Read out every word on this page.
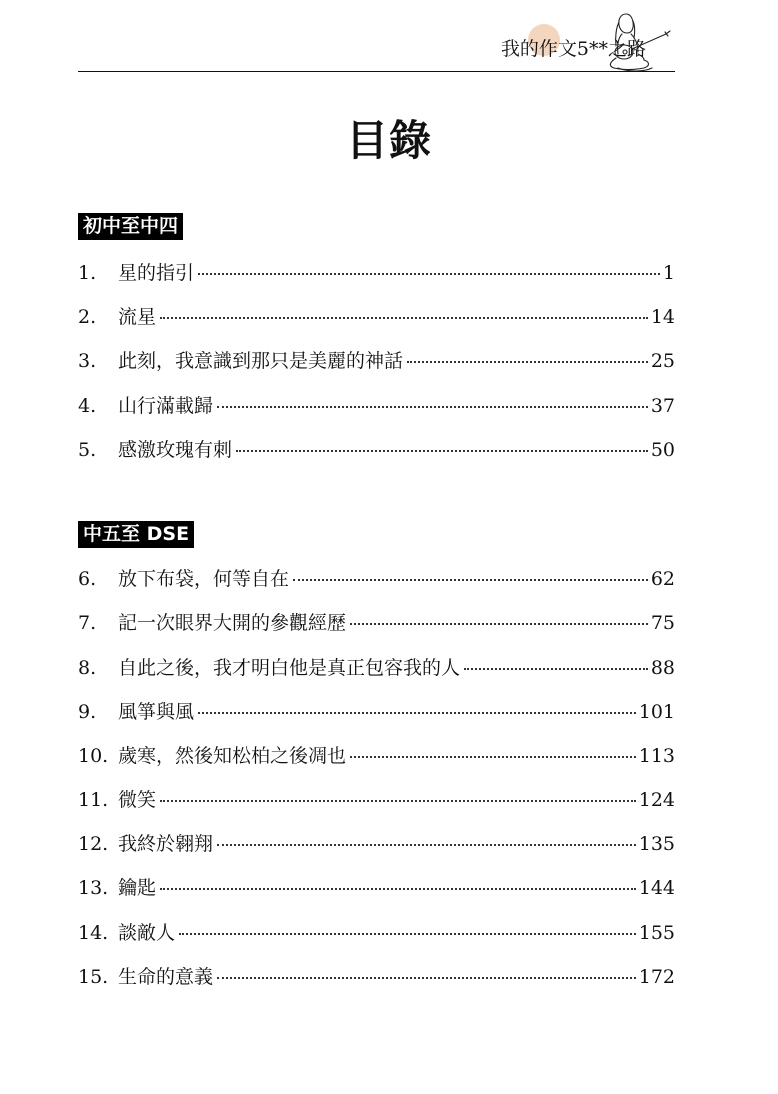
我的作文5**之路
目錄
初中至中四
1.	星的指引	1
2.	流星	14
3.	此刻，我意識到那只是美麗的神話	25
4.	山行滿載歸	37
5.	感激玫瑰有刺	50
中五至 DSE
6.	放下布袋，何等自在	62
7.	記一次眼界大開的參觀經歷	75
8.	自此之後，我才明白他是真正包容我的人	88
9.	風箏與風	101
10. 歲寒，然後知松柏之後凋也	113
11. 微笑	124
12. 我終於翱翔	135
13. 鑰匙	144
14. 談敵人	155
15. 生命的意義	172
